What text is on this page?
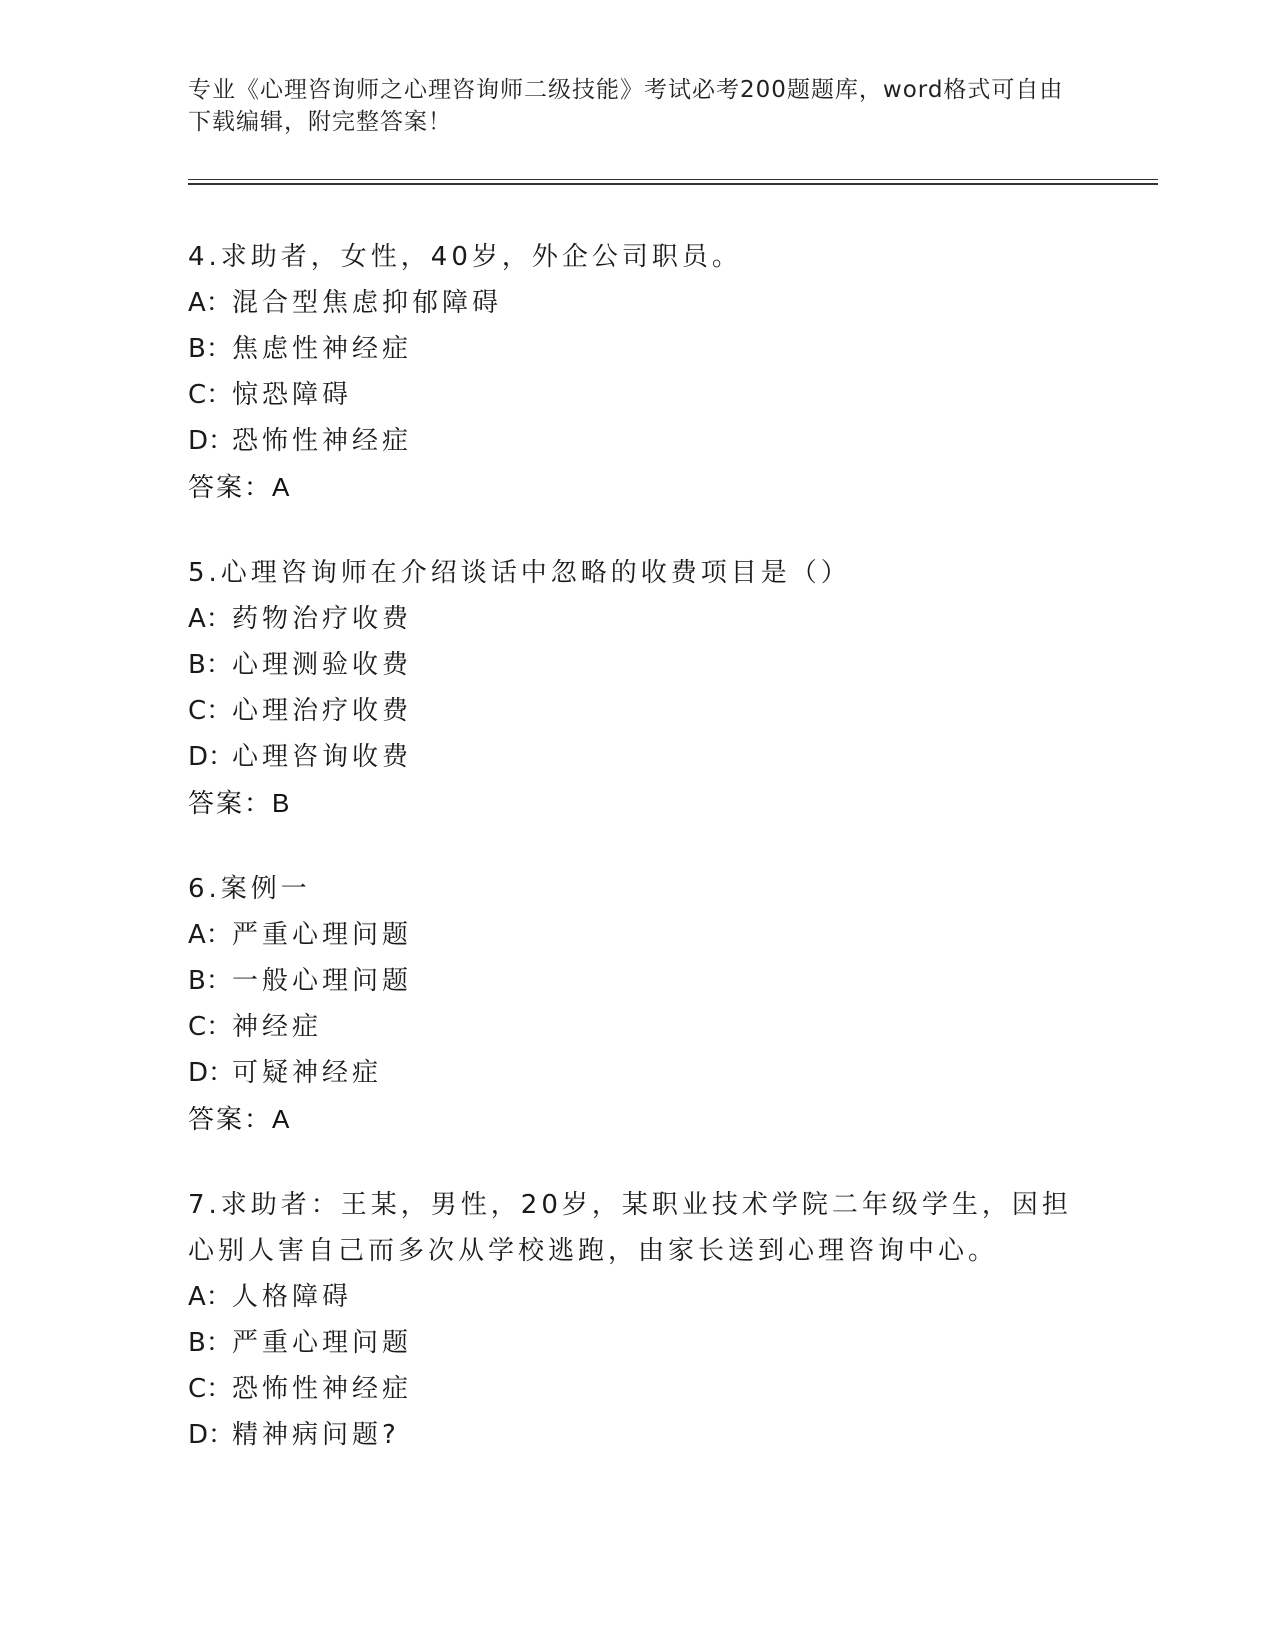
专业《心理咨询师之心理咨询师二级技能》考试必考200题题库，word格式可自由下载编辑，附完整答案！
4.求助者，女性，40岁，外企公司职员。
A：混合型焦虑抑郁障碍
B：焦虑性神经症
C：惊恐障碍
D：恐怖性神经症
答案：A
5.心理咨询师在介绍谈话中忽略的收费项目是（）
A：药物治疗收费
B：心理测验收费
C：心理治疗收费
D：心理咨询收费
答案：B
6.案例一
A：严重心理问题
B：一般心理问题
C：神经症
D：可疑神经症
答案：A
7.求助者：王某，男性，20岁，某职业技术学院二年级学生，因担心别人害自己而多次从学校逃跑，由家长送到心理咨询中心。
A：人格障碍
B：严重心理问题
C：恐怖性神经症
D：精神病问题?
